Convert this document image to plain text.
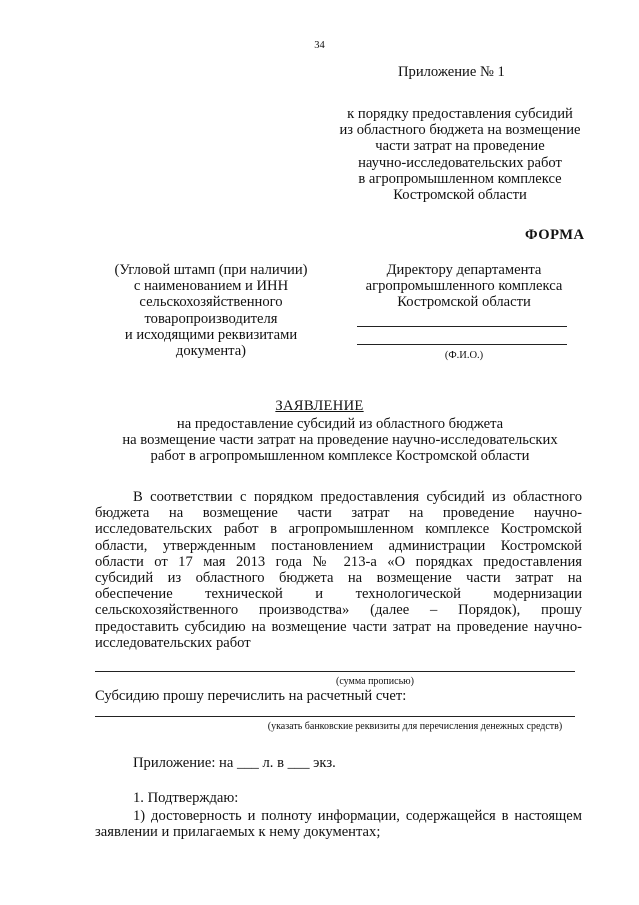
34
Приложение № 1
к порядку предоставления субсидий
из областного бюджета на возмещение
части затрат на проведение
научно-исследовательских работ
в агропромышленном комплексе
Костромской области
ФОРМА
(Угловой штамп (при наличии)
с наименованием и ИНН
сельскохозяйственного
товаропроизводителя
и исходящими реквизитами
документа)
Директору департамента
агропромышленного комплекса
Костромской области
(Ф.И.О.)
ЗАЯВЛЕНИЕ
на предоставление субсидий из областного бюджета
на возмещение части затрат на проведение научно-исследовательских
работ в агропромышленном комплексе Костромской области

В соответствии с порядком предоставления субсидий из областного

бюджета на возмещение части затрат на проведение научно-

исследовательских работ в агропромышленном комплексе Костромской

области, утвержденным постановлением администрации Костромской

области от 17 мая 2013 года № 213-а «О порядках предоставления

субсидий из областного бюджета на возмещение части затрат на

обеспечение технической и технологической модернизации

сельскохозяйственного производства» (далее – Порядок), прошу

предоставить субсидию на возмещение части затрат на проведение научно-

исследовательских работ

(сумма прописью)
Субсидию прошу перечислить на расчетный счет:
(указать банковские реквизиты для перечисления денежных средств)
Приложение: на ___ л. в ___ экз.
1. Подтверждаю:

1) достоверность и полноту информации, содержащейся в настоящем

заявлении и прилагаемых к нему документах;
